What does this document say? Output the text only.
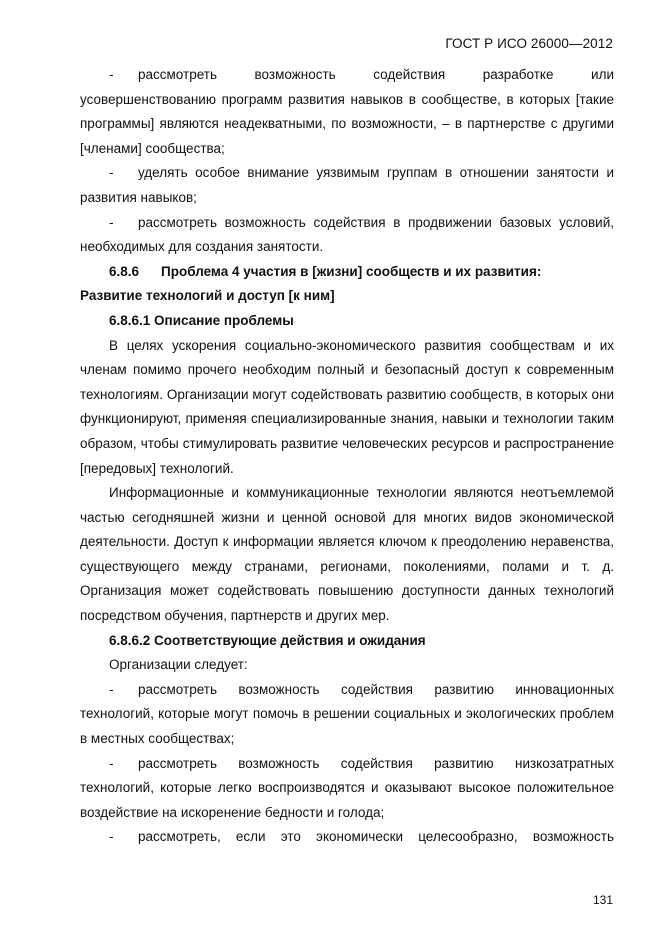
ГОСТ Р ИСО 26000—2012

- рассмотреть возможность содействия разработке или усовершенствованию программ развития навыков в сообществе, в которых [такие программы] являются неадекватными, по возможности, – в партнерстве с другими [членами] сообщества;

- уделять особое внимание уязвимым группам в отношении занятости и развития навыков;

- рассмотреть возможность содействия в продвижении базовых условий, необходимых для создания занятости.

6.8.6 Проблема 4 участия в [жизни] сообществ и их развития:

Развитие технологий и доступ [к ним]

6.8.6.1 Описание проблемы

В целях ускорения социально-экономического развития сообществам и их членам помимо прочего необходим полный и безопасный доступ к современным технологиям. Организации могут содействовать развитию сообществ, в которых они функционируют, применяя специализированные знания, навыки и технологии таким образом, чтобы стимулировать развитие человеческих ресурсов и распространение [передовых] технологий.

Информационные и коммуникационные технологии являются неотъемлемой частью сегодняшней жизни и ценной основой для многих видов экономической деятельности. Доступ к информации является ключом к преодолению неравенства, существующего между странами, регионами, поколениями, полами и т. д. Организация может содействовать повышению доступности данных технологий посредством обучения, партнерств и других мер.

6.8.6.2 Соответствующие действия и ожидания

Организации следует:

- рассмотреть возможность содействия развитию инновационных технологий, которые могут помочь в решении социальных и экологических проблем в местных сообществах;

- рассмотреть возможность содействия развитию низкозатратных технологий, которые легко воспроизводятся и оказывают высокое положительное воздействие на искоренение бедности и голода;

- рассмотреть, если это экономически целесообразно, возможность

131
